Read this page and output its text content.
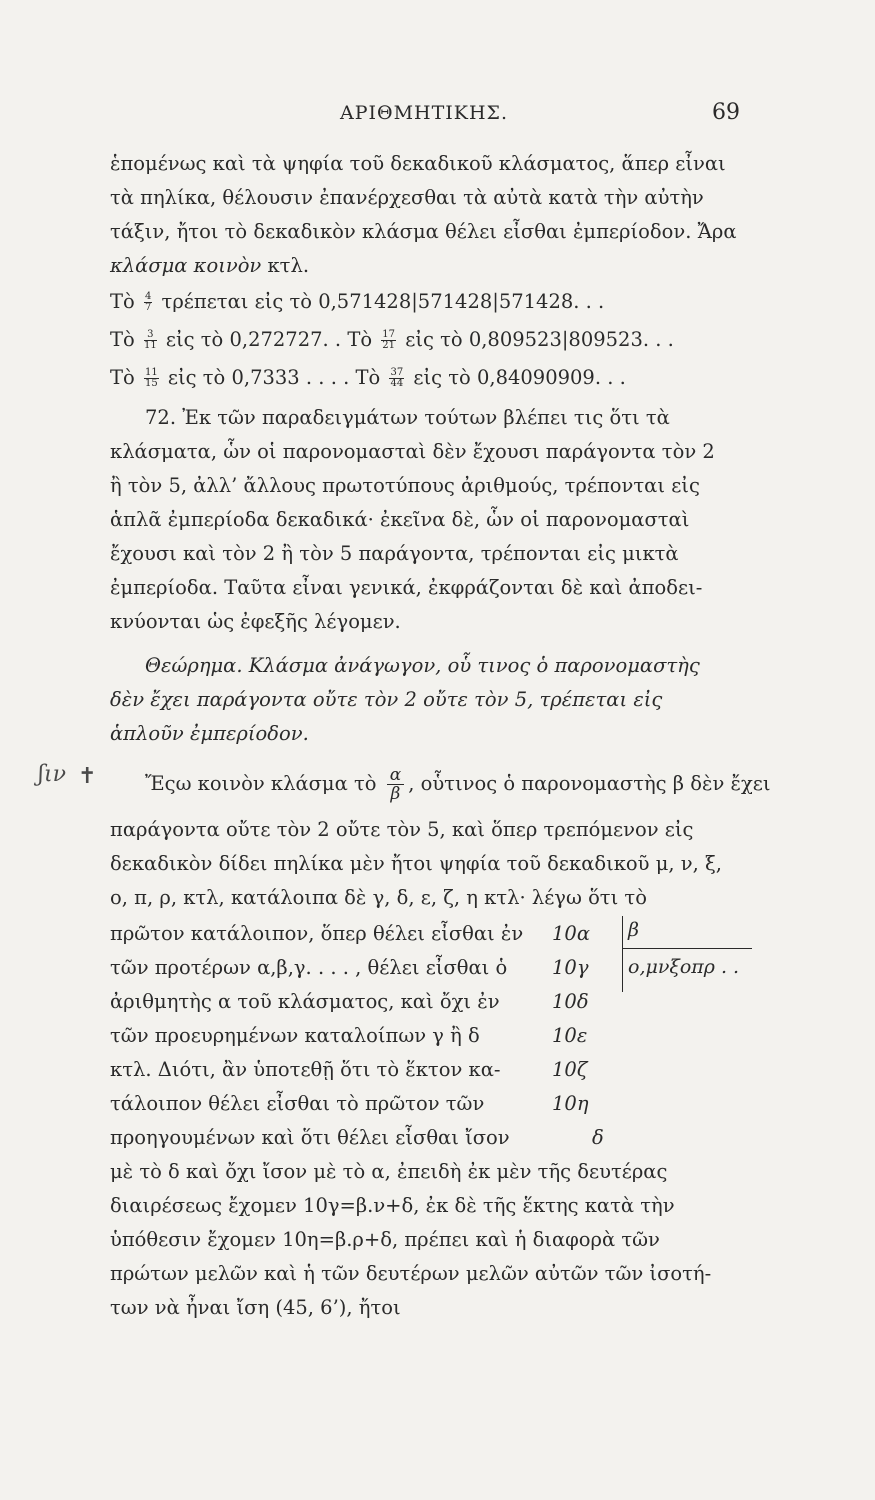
ΑΡΙΘΜΗΤΙΚΗΣ.	69
ἑπομένως καὶ τὰ ψηφία τοῦ δεκαδικοῦ κλάσματος, ἅπερ εἶναι
τὰ πηλίκα, θέλουσιν ἐπανέρχεσθαι τὰ αὐτὰ κατὰ τὴν αὐτὴν
τάξιν, ἤτοι τὸ δεκαδικὸν κλάσμα θέλει εἶσθαι ἐμπερίοδον. Ἄρα
κλάσμα κοινὸν κτλ.
Τὸ $\frac{4}{7}$ τρέπεται εἰς τὸ 0,571428|571428|571428. . .
Τὸ $\frac{3}{11}$ εἰς τὸ 0,272727. . Τὸ $\frac{17}{21}$ εἰς τὸ 0,809523|809523. . .
Τὸ $\frac{11}{15}$ εἰς τὸ 0,7333 . . . . Τὸ $\frac{37}{44}$ εἰς τὸ 0,84090909. . .
72. Ἐκ τῶν παραδειγμάτων τούτων βλέπει τις ὅτι τὰ
κλάσματα, ὧν οἱ παρονομασταὶ δὲν ἔχουσι παράγοντα τὸν 2
ἢ τὸν 5, ἀλλ’ ἄλλους πρωτοτύπους ἀριθμούς, τρέπονται εἰς
ἁπλᾶ ἐμπερίοδα δεκαδικά· ἐκεῖνα δὲ, ὧν οἱ παρονομασταὶ
ἔχουσι καὶ τὸν 2 ἢ τὸν 5 παράγοντα, τρέπονται εἰς μικτὰ
ἐμπερίοδα. Ταῦτα εἶναι γενικά, ἐκφράζονται δὲ καὶ ἀποδει-
κνύονται ὡς ἐφεξῆς λέγομεν.
Θεώρημα. Κλάσμα ἀνάγωγον, οὗ τινος ὁ παρονομαστὴς
δὲν ἔχει παράγοντα οὔτε τὸν 2 οὔτε τὸν 5, τρέπεται εἰς
ἁπλοῦν ἐμπερίοδον.
ʃιν ✝ Ἔςω κοινὸν κλάσμα τὸ $\frac{\alpha}{\beta}$ , οὗτινος ὁ παρονομαστὴς β δὲν ἔχει
παράγοντα οὔτε τὸν 2 οὔτε τὸν 5, καὶ ὅπερ τρεπόμενον εἰς
δεκαδικὸν δίδει πηλίκα μὲν ἤτοι ψηφία τοῦ δεκαδικοῦ μ, ν, ξ,
ο, π, ρ, κτλ, κατάλοιπα δὲ γ, δ, ε, ζ, η κτλ· λέγω ὅτι τὸ
πρῶτον κατάλοιπον, ὅπερ θέλει εἶσθαι ἐν
τῶν προτέρων α,β,γ. . . . , θέλει εἶσθαι ὁ
ἀριθμητὴς α τοῦ κλάσματος, καὶ ὄχι ἐν
τῶν προευρημένων καταλοίπων γ ἢ δ
κτλ. Διότι, ἂν ὑποτεθῇ ὅτι τὸ ἕκτον κα-
τάλοιπον θέλει εἶσθαι τὸ πρῶτον τῶν
προηγουμένων καὶ ὅτι θέλει εἶσθαι ἴσον
10α
10γ
10δ
10ε
10ζ
10η
δ
β
ο,μνξοπρ . .
μὲ τὸ δ καὶ ὄχι ἴσον μὲ τὸ α, ἐπειδὴ ἐκ μὲν τῆς δευτέρας
διαιρέσεως ἔχομεν 10γ=β.ν+δ, ἐκ δὲ τῆς ἕκτης κατὰ τὴν
ὑπόθεσιν ἔχομεν 10η=β.ρ+δ, πρέπει καὶ ἡ διαφορὰ τῶν
πρώτων μελῶν καὶ ἡ τῶν δευτέρων μελῶν αὐτῶν τῶν ἰσοτή-
των νὰ ἦναι ἴση (45, 6’), ἤτοι
